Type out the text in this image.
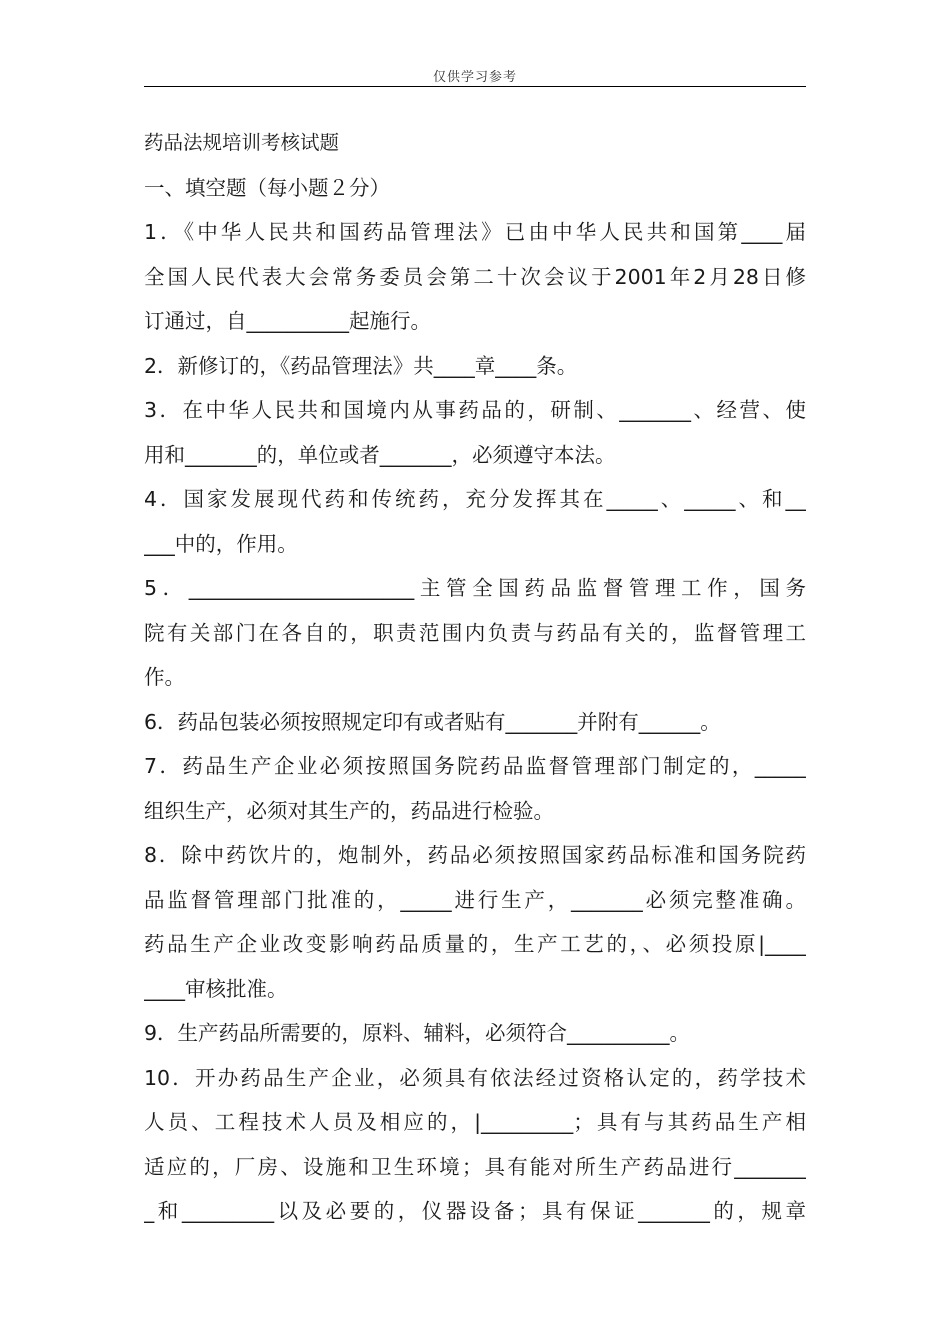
仅供学习参考
药品法规培训考核试题
一、填空题（每小题２分）
1．《中华人民共和国药品管理法》已由中华人民共和国第____届
全国人民代表大会常务委员会第二十次会议于2001年2月28日修
订通过，自__________起施行。
2．新修订的，《药品管理法》共____章____条。
3．在中华人民共和国境内从事药品的，研制、_______、经营、使
用和_______的，单位或者_______，必须遵守本法。
4．国家发展现代药和传统药，充分发挥其在_____、_____、和__
___中的，作用。
5．______________________主管全国药品监督管理工作，国务
院有关部门在各自的，职责范围内负责与药品有关的，监督管理工
作。
6．药品包装必须按照规定印有或者贴有_______并附有______。
7．药品生产企业必须按照国务院药品监督管理部门制定的，_____
组织生产，必须对其生产的，药品进行检验。
8．除中药饮片的，炮制外，药品必须按照国家药品标准和国务院药
品监督管理部门批准的，_____进行生产，_______必须完整准确。
药品生产企业改变影响药品质量的，生产工艺的，、必须投原|____
____审核批准。
9．生产药品所需要的，原料、辅料，必须符合__________。
10．开办药品生产企业，必须具有依法经过资格认定的，药学技术
人员、工程技术人员及相应的，|_________；具有与其药品生产相
适应的，厂房、设施和卫生环境；具有能对所生产药品进行_______
_和_________以及必要的，仪器设备；具有保证_______的，规章
